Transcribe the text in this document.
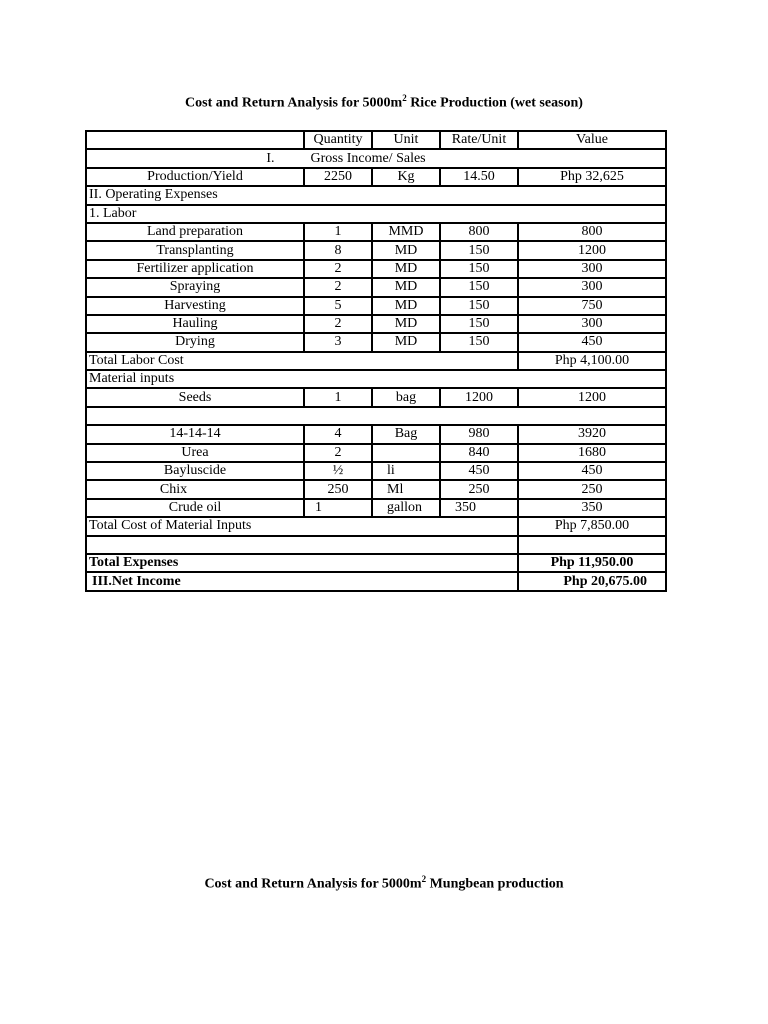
Cost and Return Analysis for $5000m^2$ Rice Production (wet season)
	Quantity	Unit	Rate/Unit	Value
I. Gross Income/ Sales				
Production/Yield	2250	Kg	14.50	Php 32,625
II. Operating Expenses				
1. Labor				
Land preparation	1	MMD	800	800
Transplanting	8	MD	150	1200
Fertilizer application	2	MD	150	300
Spraying	2	MD	150	300
Harvesting	5	MD	150	750
Hauling	2	MD	150	300
Drying	3	MD	150	450
Total Labor Cost				Php 4,100.00
Material inputs				
Seeds	1	bag	1200	1200

14-14-14	4	Bag	980	3920
Urea	2		840	1680
Bayluscide	½	li	450	450
Chix	250	Ml	250	250
Crude oil	1	gallon	350	350
Total Cost of Material Inputs				Php 7,850.00

Total Expenses				Php 11,950.00
III.Net Income				Php 20,675.00
Cost and Return Analysis for $5000m^2$ Mungbean production
